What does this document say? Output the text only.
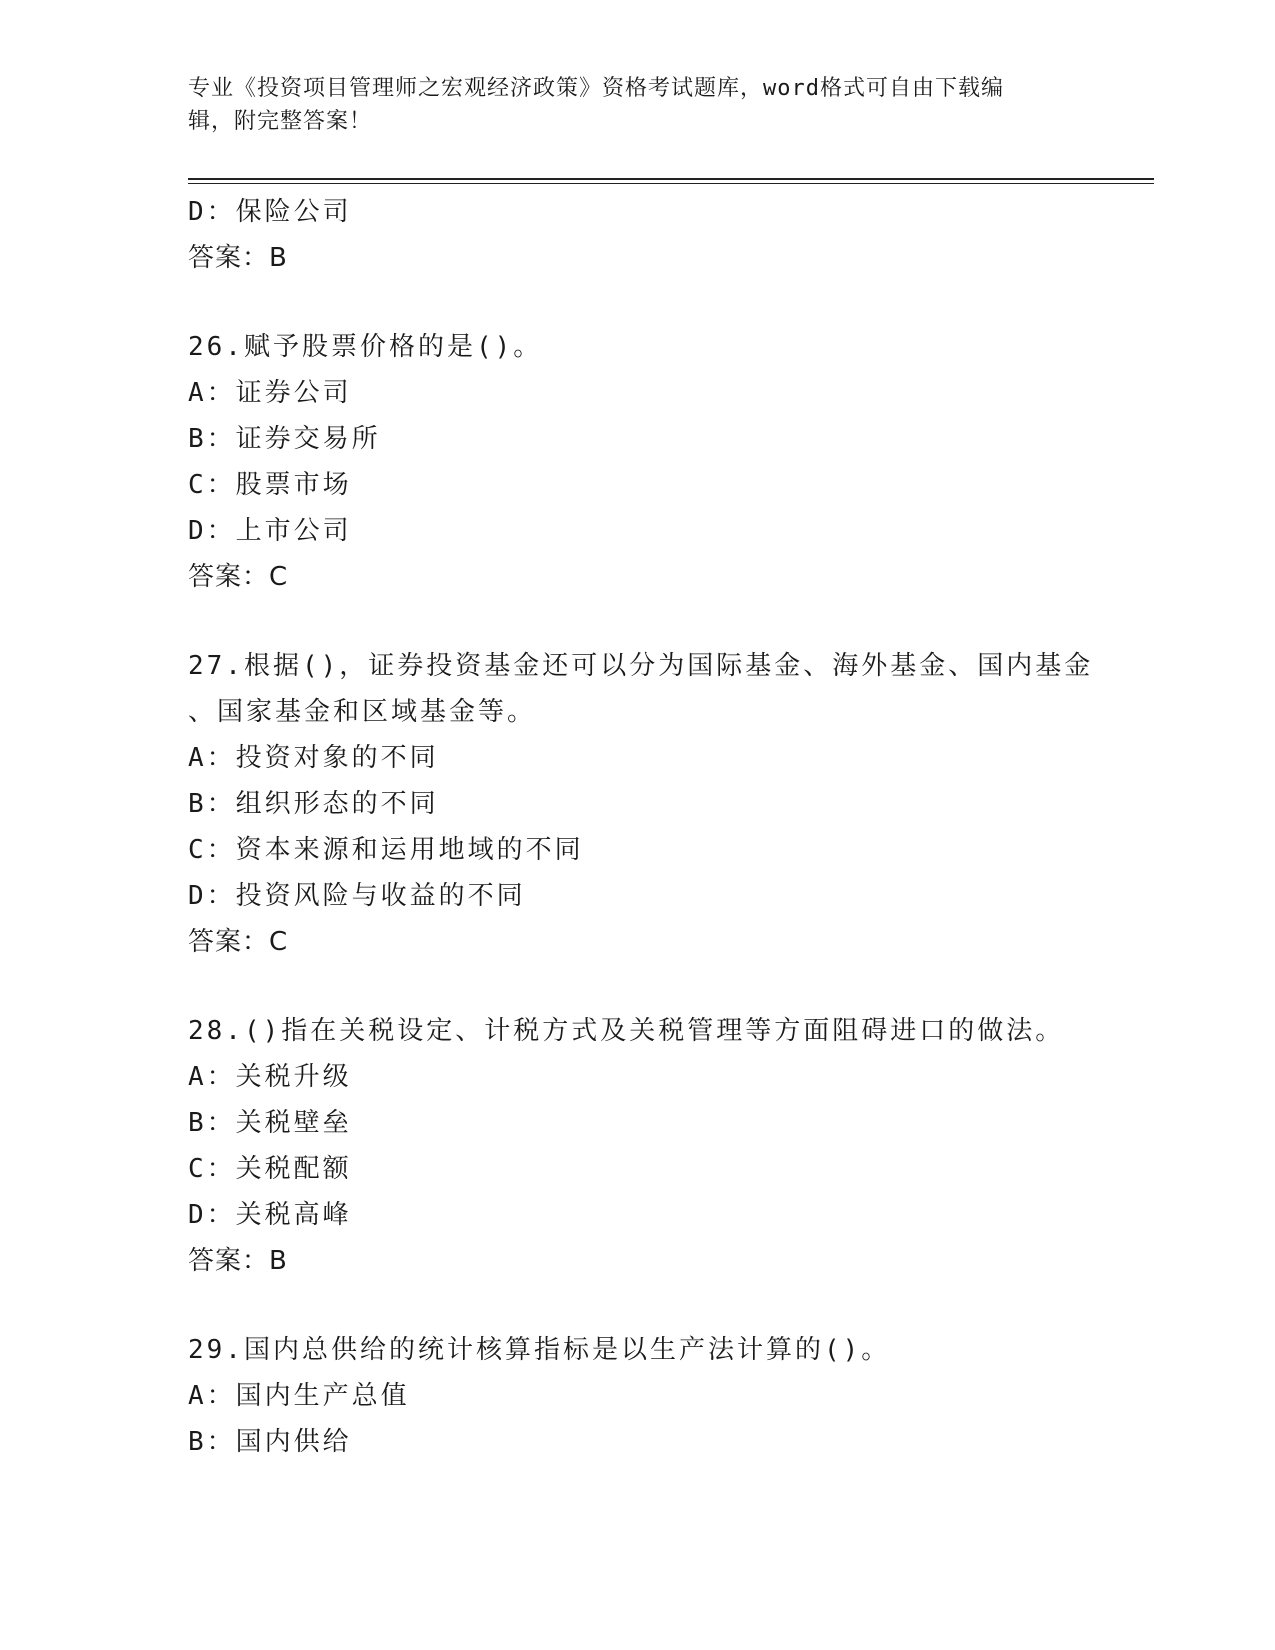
专业《投资项目管理师之宏观经济政策》资格考试题库，word格式可自由下载编
辑，附完整答案！
D：保险公司
答案：B
26.赋予股票价格的是()。
A：证券公司
B：证券交易所
C：股票市场
D：上市公司
答案：C
27.根据()，证券投资基金还可以分为国际基金、海外基金、国内基金
、国家基金和区域基金等。
A：投资对象的不同
B：组织形态的不同
C：资本来源和运用地域的不同
D：投资风险与收益的不同
答案：C
28.()指在关税设定、计税方式及关税管理等方面阻碍进口的做法。
A：关税升级
B：关税壁垒
C：关税配额
D：关税高峰
答案：B
29.国内总供给的统计核算指标是以生产法计算的()。
A：国内生产总值
B：国内供给
